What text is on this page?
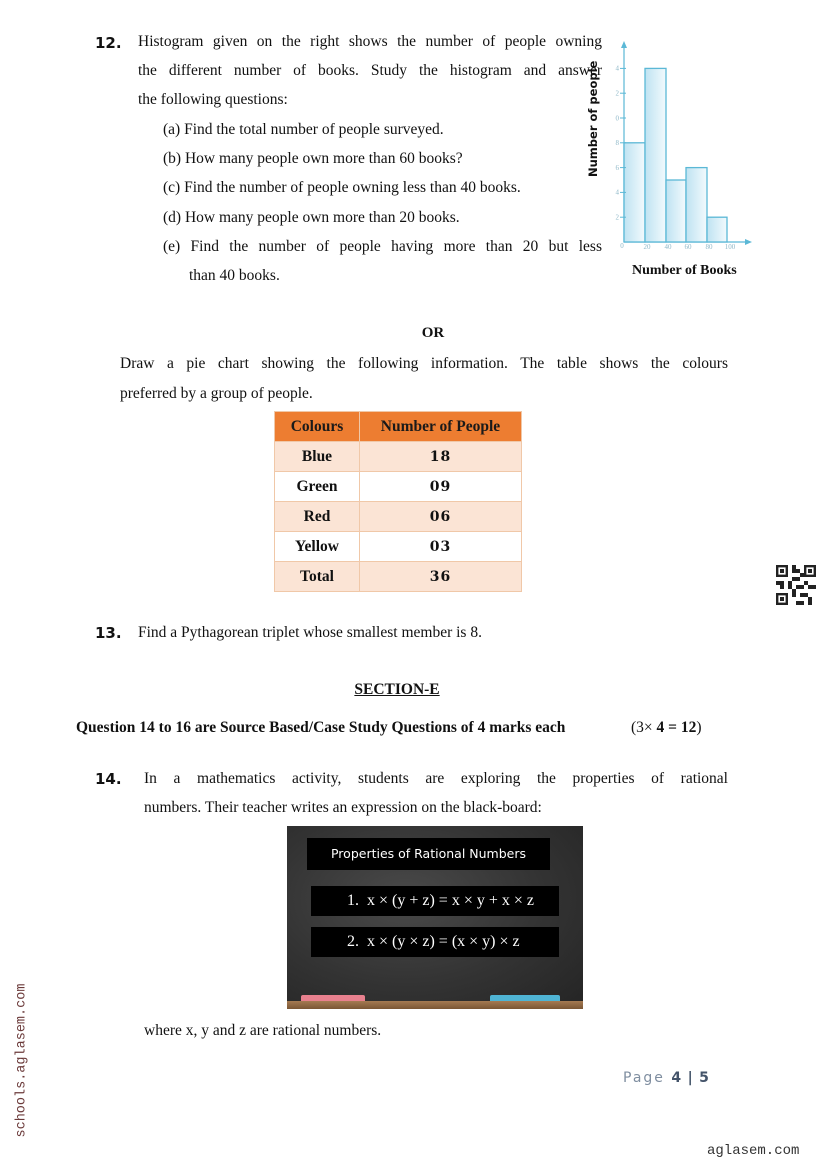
12. Histogram given on the right shows the number of people owning
the different number of books. Study the histogram and answer
the following questions:
(a) Find the total number of people surveyed.
(b) How many people own more than 60 books?
(c) Find the number of people owning less than 40 books.
(d) How many people own more than 20 books.
(e) Find the number of people having more than 20 but less
than 40 books.
Number of people
2
4
6
8
0
2
4
0	20 40 60 80 100
Number of Books
OR
Draw a pie chart showing the following information. The table shows the colours
preferred by a group of people.
Colours	Number of People
Blue	18
Green	09
Red	06
Yellow	03
Total	36
13. Find a Pythagorean triplet whose smallest member is 8.
SECTION-E
Question 14 to 16 are Source Based/Case Study Questions of 4 marks each	(3× 4 = 12)
14. In a mathematics activity, students are exploring the properties of rational
numbers. Their teacher writes an expression on the black-board:
Properties of Rational Numbers
1.  x × (y + z) = x × y + x × z
2.  x × (y × z) = (x × y) × z
where x, y and z are rational numbers.
Page 4 | 5
aglasem.com
schools.aglasem.com
